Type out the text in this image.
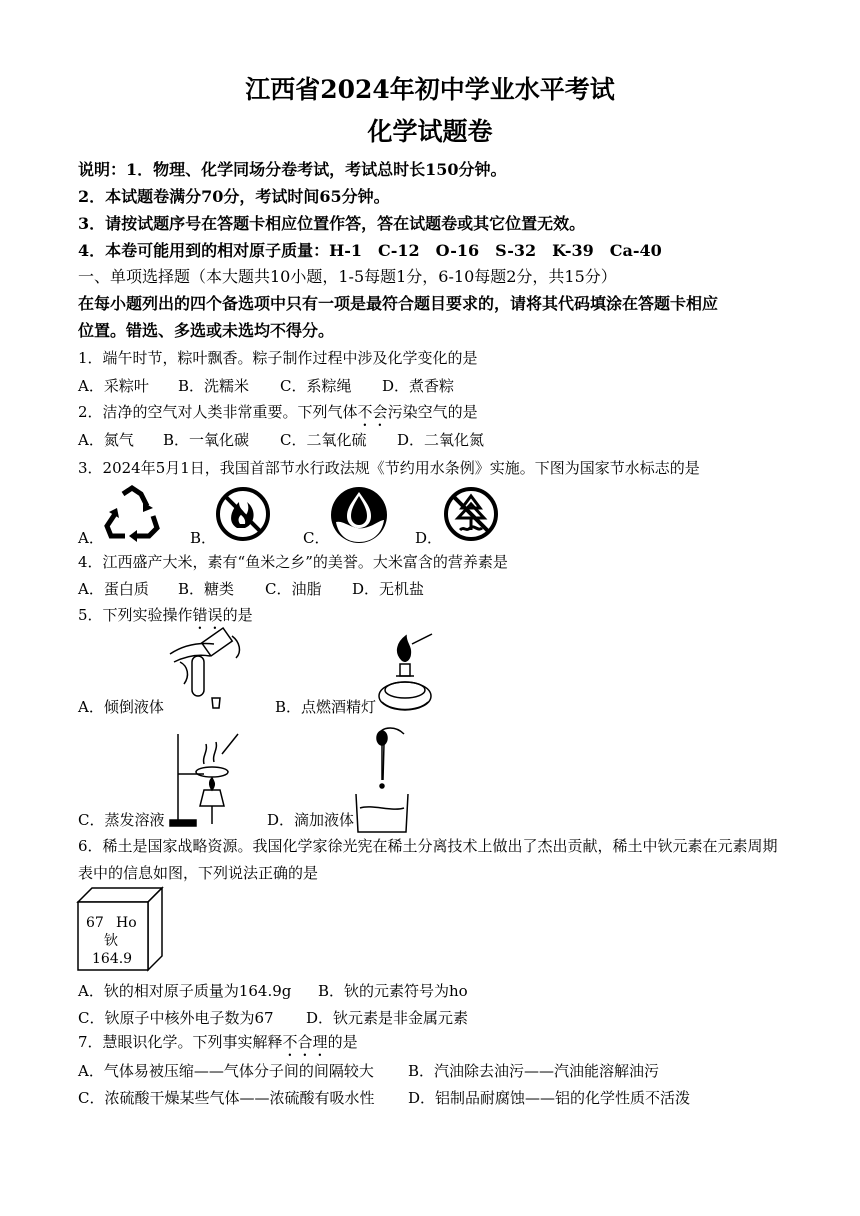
江西省2024年初中学业水平考试
化学试题卷
说明：1．物理、化学同场分卷考试，考试总时长150分钟。
2．本试题卷满分70分，考试时间65分钟。
3．请按试题序号在答题卡相应位置作答，答在试题卷或其它位置无效。
4．本卷可能用到的相对原子质量：H-1　C-12　O-16　S-32　K-39　Ca-40
一、单项选择题（本大题共10小题，1-5每题1分，6-10每题2分，共15分）
在每小题列出的四个备选项中只有一项是最符合题目要求的，请将其代码填涂在答题卡相应
位置。错选、多选或未选均不得分。
1．端午时节，粽叶飘香。粽子制作过程中涉及化学变化的是
A．采粽叶 B．洗糯米 C．系粽绳 D．煮香粽
2．洁净的空气对人类非常重要。下列气体不会污染空气的是
A．氮气 B．一氧化碳 C．二氧化硫 D．二氧化氮
3．2024年5月1日，我国首部节水行政法规《节约用水条例》实施。下图为国家节水标志的是
A．	B．	C．	D．
4．江西盛产大米，素有“鱼米之乡”的美誉。大米富含的营养素是
A．蛋白质 B．糖类 C．油脂 D．无机盐
5．下列实验操作错误的是
A．倾倒液体	B．点燃酒精灯
C．蒸发溶液	D．滴加液体
6．稀土是国家战略资源。我国化学家徐光宪在稀土分离技术上做出了杰出贡献，稀土中钬元素在元素周期
表中的信息如图，下列说法正确的是
67 Ho
钬
164.9
A．钬的相对原子质量为164.9g B．钬的元素符号为ho
C．钬原子中核外电子数为67 D．钬元素是非金属元素
7．慧眼识化学。下列事实解释不合理的是
A．气体易被压缩——气体分子间的间隔较大 B．汽油除去油污——汽油能溶解油污
C．浓硫酸干燥某些气体——浓硫酸有吸水性 D．铝制品耐腐蚀——铝的化学性质不活泼
